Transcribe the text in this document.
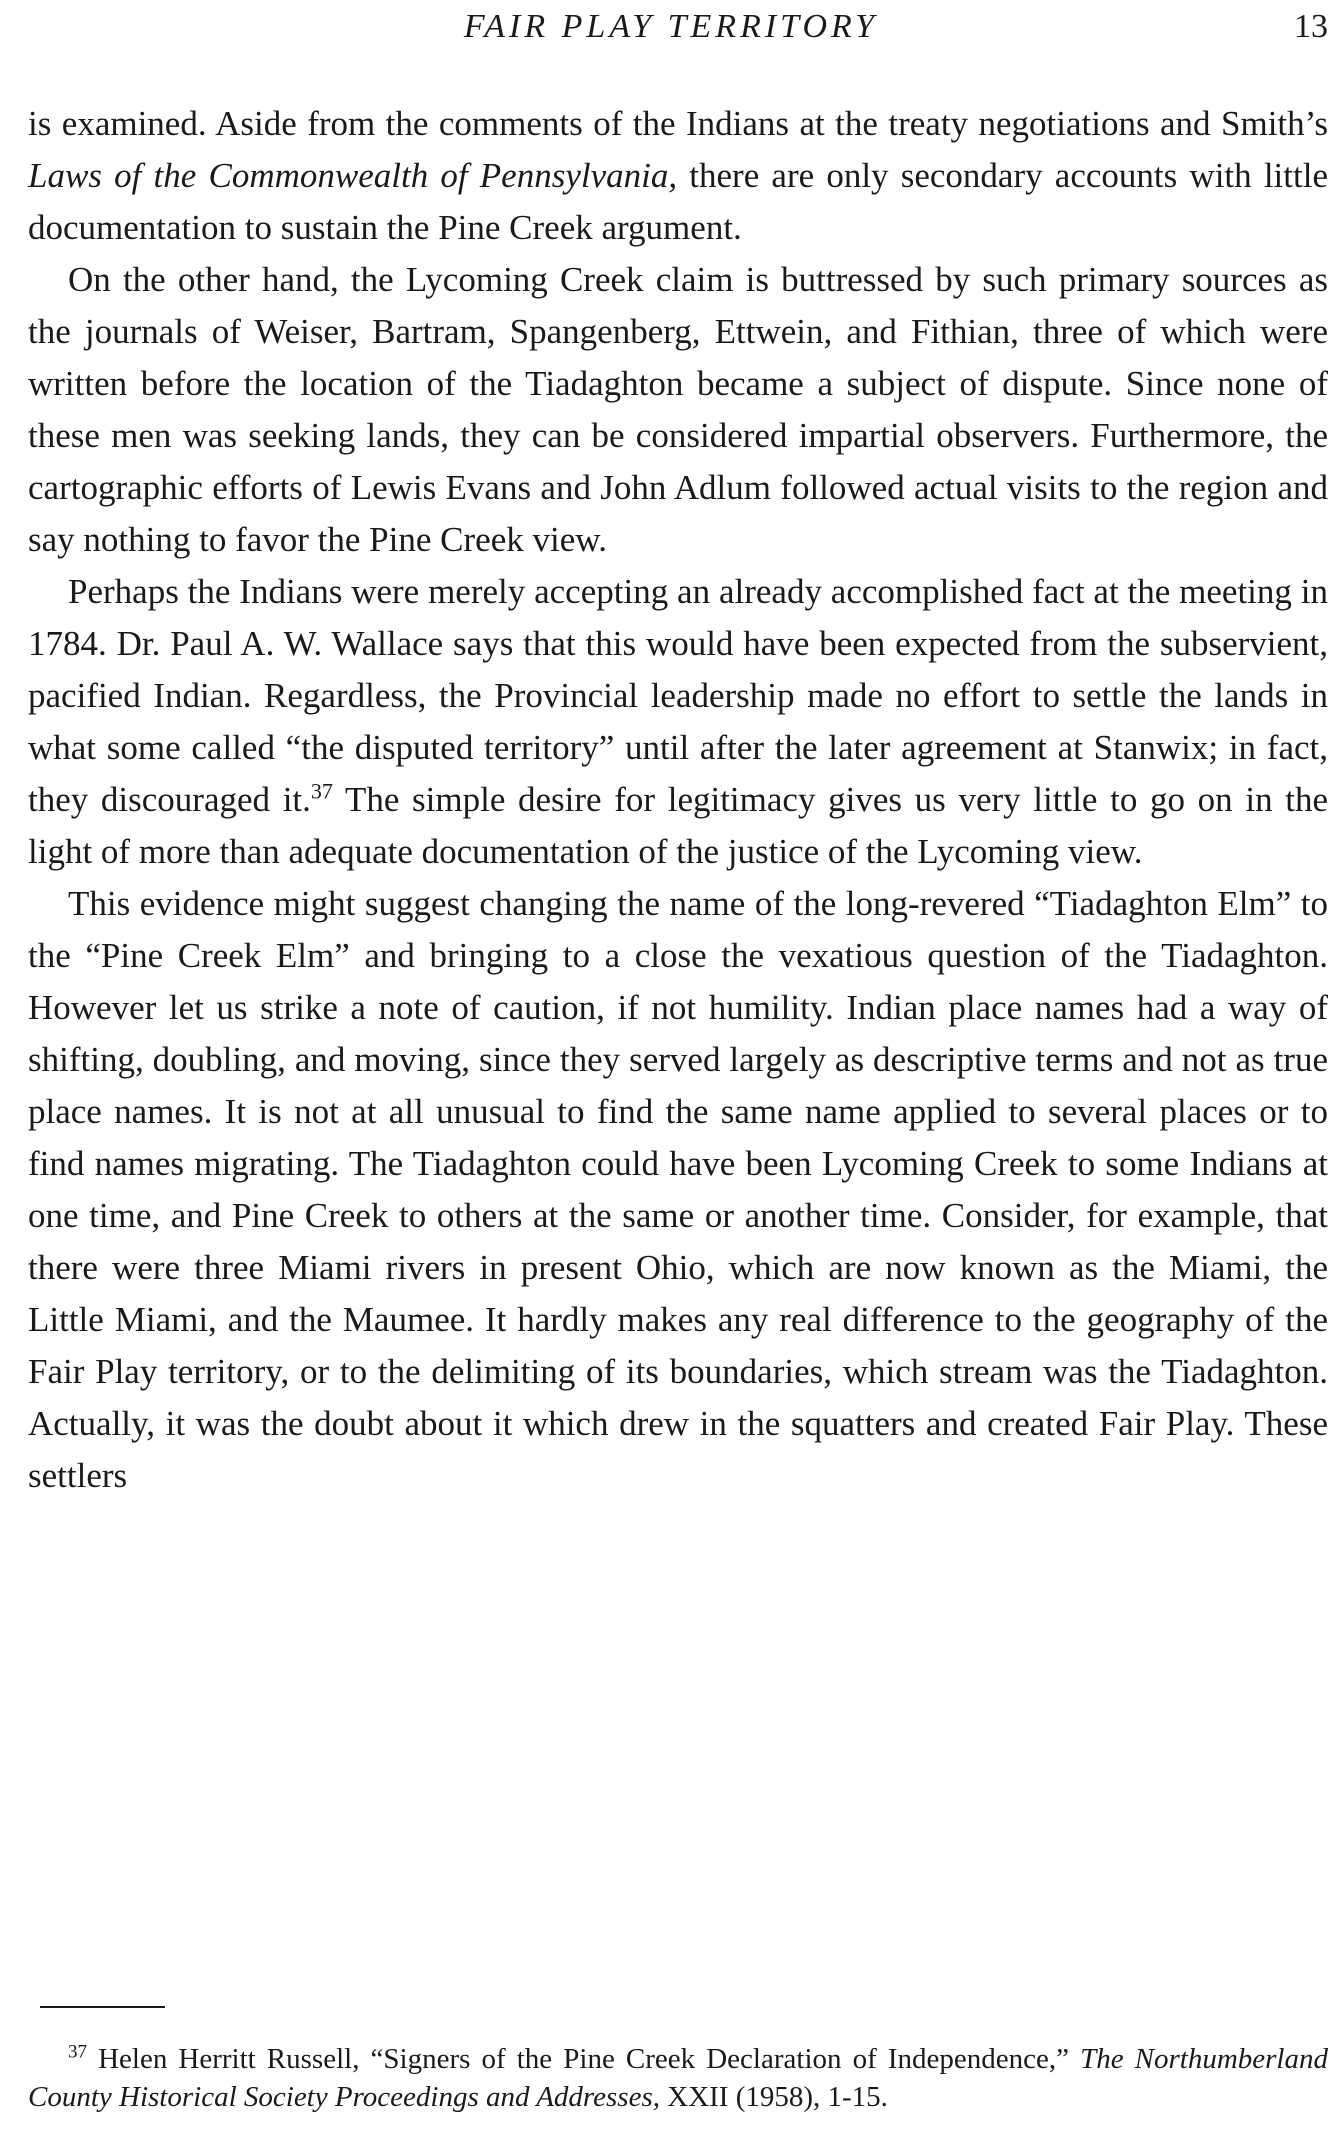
FAIR PLAY TERRITORY	13

is examined. Aside from the comments of the Indians at the treaty negotiations and Smith’s Laws of the Commonwealth of Pennsylvania, there are only secondary accounts with little documentation to sustain the Pine Creek argument.

On the other hand, the Lycoming Creek claim is buttressed by such primary sources as the journals of Weiser, Bartram, Spangenberg, Ettwein, and Fithian, three of which were written before the location of the Tiadaghton became a subject of dispute. Since none of these men was seeking lands, they can be considered impartial observers. Furthermore, the cartographic efforts of Lewis Evans and John Adlum followed actual visits to the region and say nothing to favor the Pine Creek view.

Perhaps the Indians were merely accepting an already accomplished fact at the meeting in 1784. Dr. Paul A. W. Wallace says that this would have been expected from the subservient, pacified Indian. Regardless, the Provincial leadership made no effort to settle the lands in what some called “the disputed territory” until after the later agreement at Stanwix; in fact, they discouraged it.$^{37}$ The simple desire for legitimacy gives us very little to go on in the light of more than adequate documentation of the justice of the Lycoming view.

This evidence might suggest changing the name of the long-revered “Tiadaghton Elm” to the “Pine Creek Elm” and bringing to a close the vexatious question of the Tiadaghton. However let us strike a note of caution, if not humility. Indian place names had a way of shifting, doubling, and moving, since they served largely as descriptive terms and not as true place names. It is not at all unusual to find the same name applied to several places or to find names migrating. The Tiadaghton could have been Lycoming Creek to some Indians at one time, and Pine Creek to others at the same or another time. Consider, for example, that there were three Miami rivers in present Ohio, which are now known as the Miami, the Little Miami, and the Maumee. It hardly makes any real difference to the geography of the Fair Play territory, or to the delimiting of its boundaries, which stream was the Tiadaghton. Actually, it was the doubt about it which drew in the squatters and created Fair Play. These settlers

$^{37}$ Helen Herritt Russell, “Signers of the Pine Creek Declaration of Independence,” The Northumberland County Historical Society Proceedings and Addresses, XXII (1958), 1-15.
